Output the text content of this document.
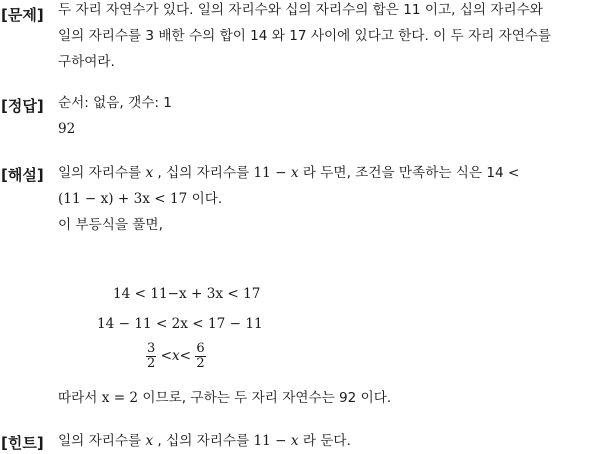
[문제] 두 자리 자연수가 있다. 일의 자리수와 십의 자리수의 합은 11 이고, 십의 자리수와
일의 자리수를 3 배한 수의 합이 14 와 17 사이에 있다고 한다. 이 두 자리 자연수를
구하여라.
[정답] 순서: 없음, 갯수: 1
92
[해설] 일의 자리수를 x , 십의 자리수를 11 − x 라 두면, 조건을 만족하는 식은 14 <
(11 − x) + 3x < 17 이다.
이 부등식을 풀면,
14 < 11−x + 3x < 17
14 − 11 < 2x < 17 − 11
$\frac{3}{2} <x< \frac{6}{2}$
따라서 x = 2 이므로, 구하는 두 자리 자연수는 92 이다.
[힌트] 일의 자리수를 x , 십의 자리수를 11 − x 라 둔다.
